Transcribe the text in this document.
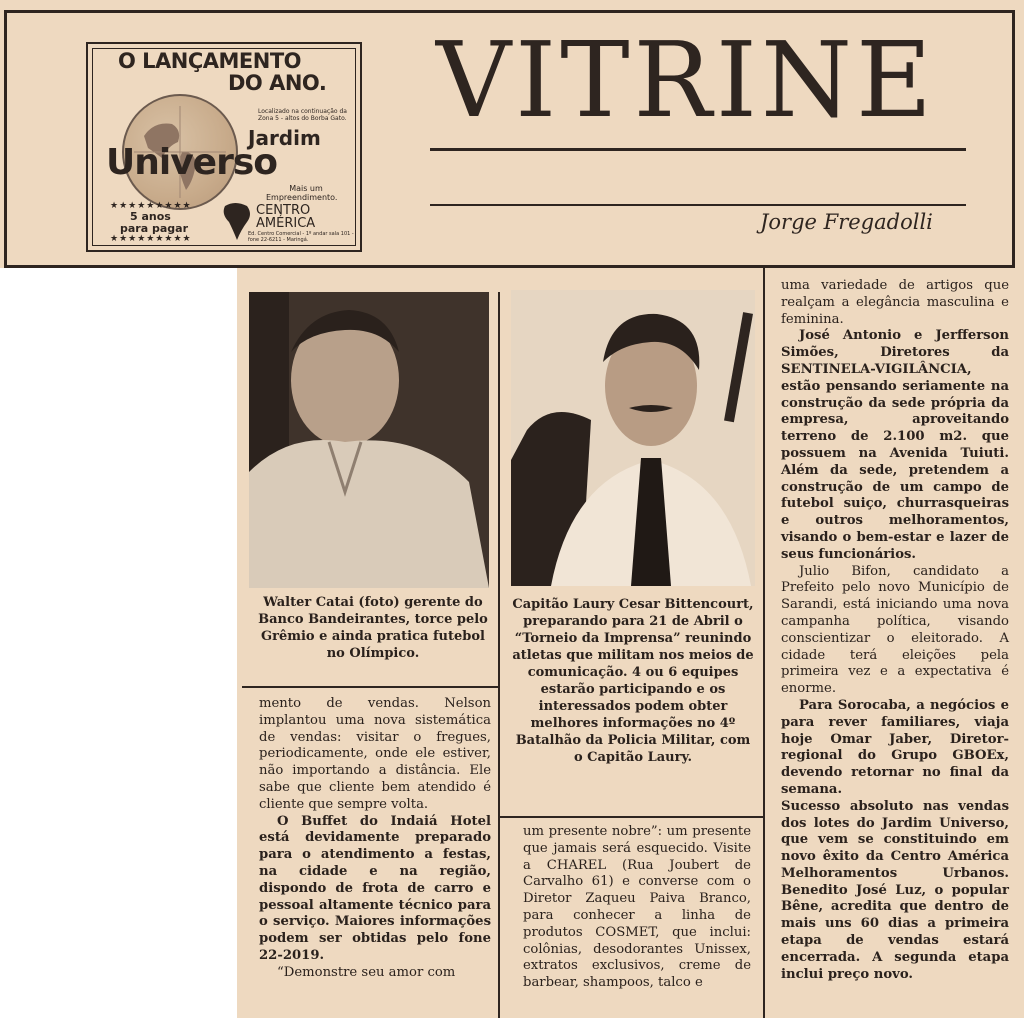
O LANÇAMENTO
DO ANO.
Localizado na continuação da Zona 5 - altos do Borba Gato.
Jardim
Universo
Mais um
Empreendimento.
CENTRO
AMÉRICA
Ed. Centro Comercial - 1º andar sala 101 - fone 22-6211 - Maringá.
★★★★★★★★★
5 anos
para pagar
★★★★★★★★★
VITRINE
Jorge Fregadolli
Walter Catai (foto) gerente do Banco Bandeirantes, torce pelo Grêmio e ainda pratica futebol no Olímpico.
Capitão Laury Cesar Bittencourt, preparando para 21 de Abril o “Torneio da Imprensa” reunindo atletas que militam nos meios de comunicação. 4 ou 6 equipes estarão participando e os interessados podem obter melhores informações no 4º Batalhão da Policia Militar, com o Capitão Laury.

mento de vendas. Nelson implantou uma nova sistemática de vendas: visitar o fregues, periodicamente, onde ele estiver, não importando a distância. Ele sabe que cliente bem atendido é cliente que sempre volta.

O Buffet do Indaiá Hotel está devidamente preparado para o atendimento a festas, na cidade e na região, dispondo de frota de carro e pessoal altamente técnico para o serviço. Maiores informações podem ser obtidas pelo fone 22-2019.

“Demonstre seu amor com

um presente nobre”: um presente que jamais será esquecido. Visite a CHAREL (Rua Joubert de Carvalho 61) e converse com o Diretor Zaqueu Paiva Branco, para conhecer a linha de produtos COSMET, que inclui: colônias, desodorantes Unissex, extratos exclusivos, creme de barbear, shampoos, talco e

uma variedade de artigos que realçam a elegância masculina e feminina.

José Antonio e Jerfferson Simões, Diretores da SENTINELA-VIGILÂNCIA, estão pensando seriamente na construção da sede própria da empresa, aproveitando terreno de 2.100 m2. que possuem na Avenida Tuiuti. Além da sede, pretendem a construção de um campo de futebol suiço, churrasqueiras e outros melhoramentos, visando o bem-estar e lazer de seus funcionários.

Julio Bifon, candidato a Prefeito pelo novo Município de Sarandi, está iniciando uma nova campanha política, visando conscientizar o eleitorado. A cidade terá eleições pela primeira vez e a expectativa é enorme.

Para Sorocaba, a negócios e para rever familiares, viaja hoje Omar Jaber, Diretor-regional do Grupo GBOEx, devendo retornar no final da semana.

Sucesso absoluto nas vendas dos lotes do Jardim Universo, que vem se constituindo em novo êxito da Centro América Melhoramentos Urbanos. Benedito José Luz, o popular Bêne, acredita que dentro de mais uns 60 dias a primeira etapa de vendas estará encerrada. A segunda etapa inclui preço novo.
